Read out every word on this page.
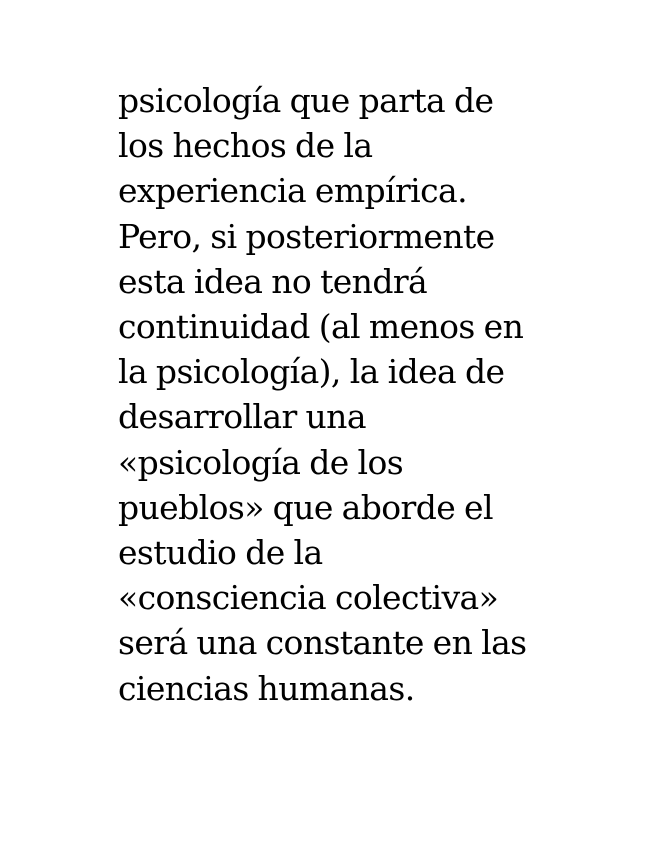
psicología que parta de
los hechos de la
experiencia empírica.
Pero, si posteriormente
esta idea no tendrá
continuidad (al menos en
la psicología), la idea de
desarrollar una
«psicología de los
pueblos» que aborde el
estudio de la
«consciencia colectiva»
será una constante en las
ciencias humanas.
